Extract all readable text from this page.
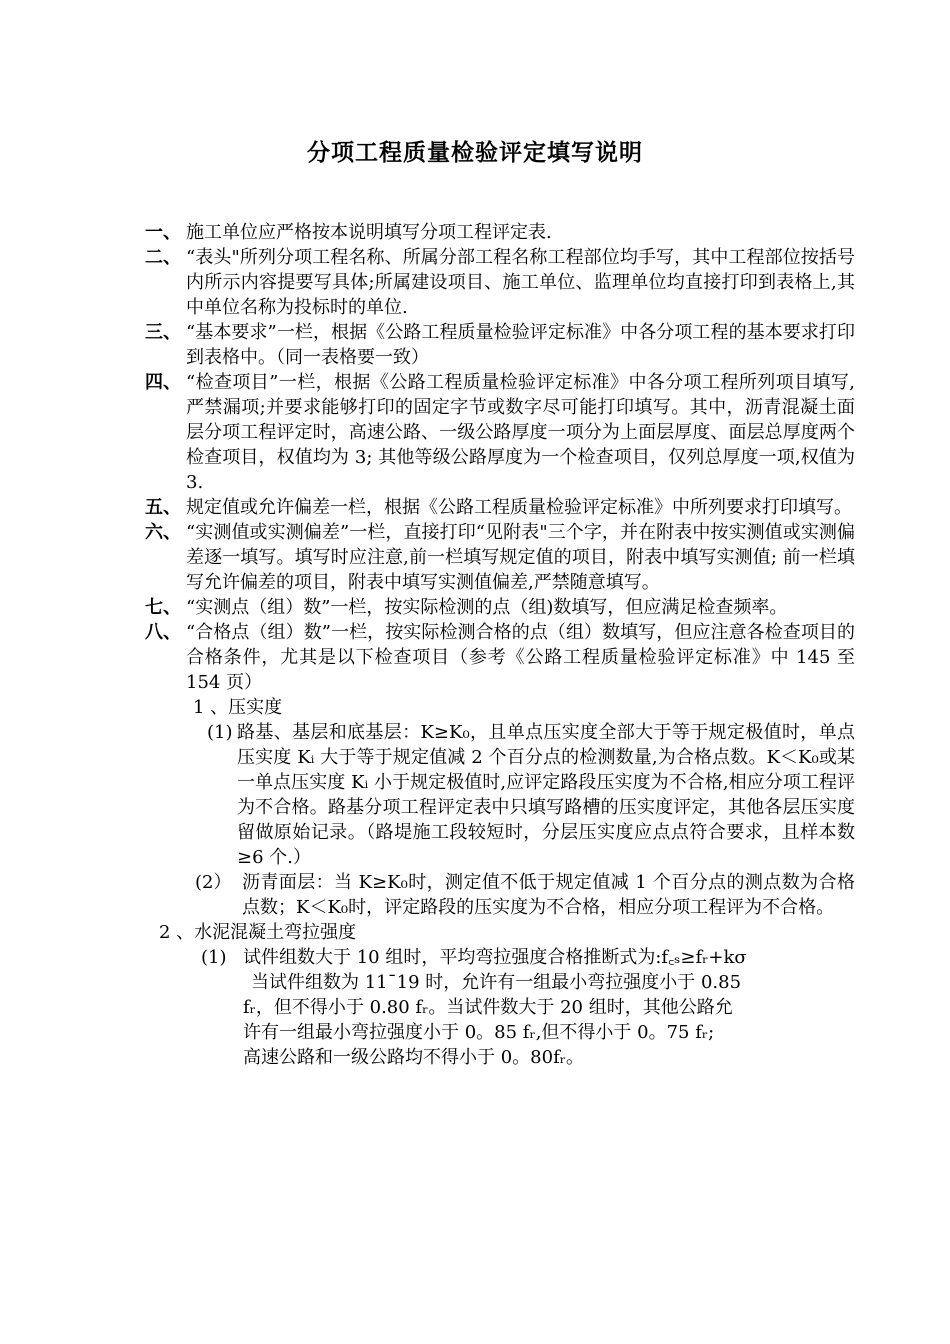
分项工程质量检验评定填写说明
一、 施工单位应严格按本说明填写分项工程评定表.
二、 “表头"所列分项工程名称、所属分部工程名称工程部位均手写，其中工程部位按括号内所示内容提要写具体;所属建设项目、施工单位、监理单位均直接打印到表格上,其中单位名称为投标时的单位.
三、 “基本要求”一栏，根据《公路工程质量检验评定标准》中各分项工程的基本要求打印到表格中。（同一表格要一致）
四、 “检查项目”一栏，根据《公路工程质量检验评定标准》中各分项工程所列项目填写,严禁漏项;并要求能够打印的固定字节或数字尽可能打印填写。其中，沥青混凝土面层分项工程评定时，高速公路、一级公路厚度一项分为上面层厚度、面层总厚度两个检查项目，权值均为 3; 其他等级公路厚度为一个检查项目，仅列总厚度一项,权值为 3.
五、 规定值或允许偏差一栏，根据《公路工程质量检验评定标准》中所列要求打印填写。
六、 “实测值或实测偏差”一栏，直接打印“见附表"三个字，并在附表中按实测值或实测偏差逐一填写。填写时应注意,前一栏填写规定值的项目，附表中填写实测值; 前一栏填写允许偏差的项目，附表中填写实测值偏差,严禁随意填写。
七、 “实测点（组）数”一栏，按实际检测的点（组)数填写，但应满足检查频率。
八、 “合格点（组）数”一栏，按实际检测合格的点（组）数填写，但应注意各检查项目的合格条件，尤其是以下检查项目（参考《公路工程质量检验评定标准》中 145 至 154 页）
1 、压实度
(1) 路基、基层和底基层：K≥K₀，且单点压实度全部大于等于规定极值时，单点压实度 Kᵢ 大于等于规定值减 2 个百分点的检测数量,为合格点数。K＜K₀或某一单点压实度 Kᵢ 小于规定极值时,应评定路段压实度为不合格,相应分项工程评为不合格。路基分项工程评定表中只填写路槽的压实度评定，其他各层压实度留做原始记录。（路堤施工段较短时，分层压实度应点点符合要求，且样本数≥6 个.）
(2） 沥青面层：当 K≥K₀时，测定值不低于规定值减 1 个百分点的测点数为合格点数；K＜K₀时，评定路段的压实度为不合格，相应分项工程评为不合格。
2 、水泥混凝土弯拉强度
(1) 试件组数大于 10 组时，平均弯拉强度合格推断式为:f꜀ₛ≥fᵣ+kσ
当试件组数为 11¯19 时，允许有一组最小弯拉强度小于 0.85
fᵣ，但不得小于 0.80 fᵣ。当试件数大于 20 组时，其他公路允
许有一组最小弯拉强度小于 0。85 fᵣ,但不得小于 0。75 fᵣ;
高速公路和一级公路均不得小于 0。80fᵣ。
